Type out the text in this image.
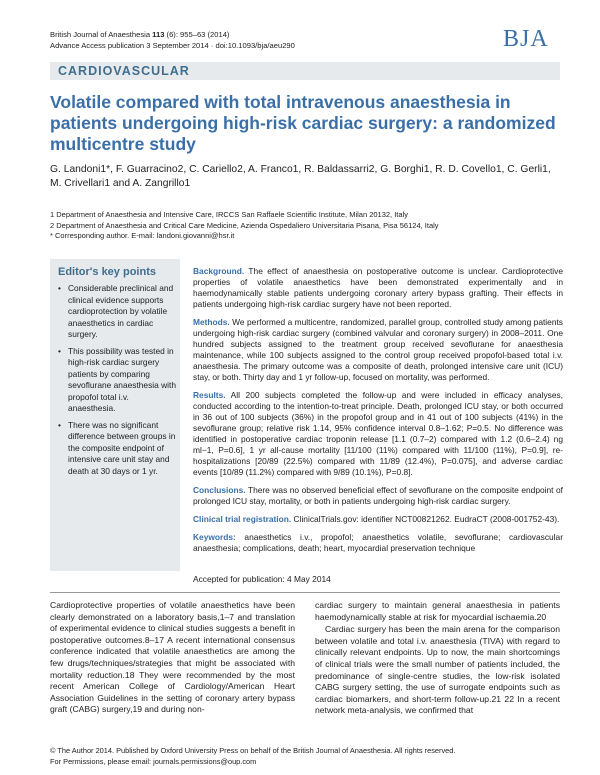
British Journal of Anaesthesia 113 (6): 955–63 (2014)
Advance Access publication 3 September 2014 · doi:10.1093/bja/aeu290	BJA
CARDIOVASCULAR
Volatile compared with total intravenous anaesthesia in patients undergoing high-risk cardiac surgery: a randomized multicentre study
G. Landoni1*, F. Guarracino2, C. Cariello2, A. Franco1, R. Baldassarri2, G. Borghi1, R. D. Covello1, C. Gerli1, M. Crivellari1 and A. Zangrillo1
1 Department of Anaesthesia and Intensive Care, IRCCS San Raffaele Scientific Institute, Milan 20132, Italy
2 Department of Anaesthesia and Critical Care Medicine, Azienda Ospedaliero Universitaria Pisana, Pisa 56124, Italy
* Corresponding author. E-mail: landoni.giovanni@hsr.it
Editor's key points
• Considerable preclinical and clinical evidence supports cardioprotection by volatile anaesthetics in cardiac surgery.
• This possibility was tested in high-risk cardiac surgery patients by comparing sevoflurane anaesthesia with propofol total i.v. anaesthesia.
• There was no significant difference between groups in the composite endpoint of intensive care unit stay and death at 30 days or 1 yr.

Background. The effect of anaesthesia on postoperative outcome is unclear. Cardioprotective properties of volatile anaesthetics have been demonstrated experimentally and in haemodynamically stable patients undergoing coronary artery bypass grafting. Their effects in patients undergoing high-risk cardiac surgery have not been reported.

Methods. We performed a multicentre, randomized, parallel group, controlled study among patients undergoing high-risk cardiac surgery (combined valvular and coronary surgery) in 2008–2011. One hundred subjects assigned to the treatment group received sevoflurane for anaesthesia maintenance, while 100 subjects assigned to the control group received propofol-based total i.v. anaesthesia. The primary outcome was a composite of death, prolonged intensive care unit (ICU) stay, or both. Thirty day and 1 yr follow-up, focused on mortality, was performed.

Results. All 200 subjects completed the follow-up and were included in efficacy analyses, conducted according to the intention-to-treat principle. Death, prolonged ICU stay, or both occurred in 36 out of 100 subjects (36%) in the propofol group and in 41 out of 100 subjects (41%) in the sevoflurane group; relative risk 1.14, 95% confidence interval 0.8–1.62; P=0.5. No difference was identified in postoperative cardiac troponin release [1.1 (0.7–2) compared with 1.2 (0.6–2.4) ng ml−1, P=0.6], 1 yr all-cause mortality [11/100 (11%) compared with 11/100 (11%), P=0.9], re-hospitalizations [20/89 (22.5%) compared with 11/89 (12.4%), P=0.075], and adverse cardiac events [10/89 (11.2%) compared with 9/89 (10.1%), P=0.8].

Conclusions. There was no observed beneficial effect of sevoflurane on the composite endpoint of prolonged ICU stay, mortality, or both in patients undergoing high-risk cardiac surgery.

Clinical trial registration. ClinicalTrials.gov: identifier NCT00821262. EudraCT (2008-001752-43).

Keywords: anaesthetics i.v., propofol; anaesthetics volatile, sevoflurane; cardiovascular anaesthesia; complications, death; heart, myocardial preservation technique

Accepted for publication: 4 May 2014

Cardioprotective properties of volatile anaesthetics have been clearly demonstrated on a laboratory basis,1–7 and translation of experimental evidence to clinical studies suggests a benefit in postoperative outcomes.8–17 A recent international consensus conference indicated that volatile anaesthetics are among the few drugs/techniques/strategies that might be associated with mortality reduction.18 They were recommended by the most recent American College of Cardiology/American Heart Association Guidelines in the setting of coronary artery bypass graft (CABG) surgery,19 and during non-

cardiac surgery to maintain general anaesthesia in patients haemodynamically stable at risk for myocardial ischaemia.20

Cardiac surgery has been the main arena for the comparison between volatile and total i.v. anaesthesia (TIVA) with regard to clinically relevant endpoints. Up to now, the main shortcomings of clinical trials were the small number of patients included, the predominance of single-centre studies, the low-risk isolated CABG surgery setting, the use of surrogate endpoints such as cardiac biomarkers, and short-term follow-up.21 22 In a recent network meta-analysis, we confirmed that

© The Author 2014. Published by Oxford University Press on behalf of the British Journal of Anaesthesia. All rights reserved.
For Permissions, please email: journals.permissions@oup.com
